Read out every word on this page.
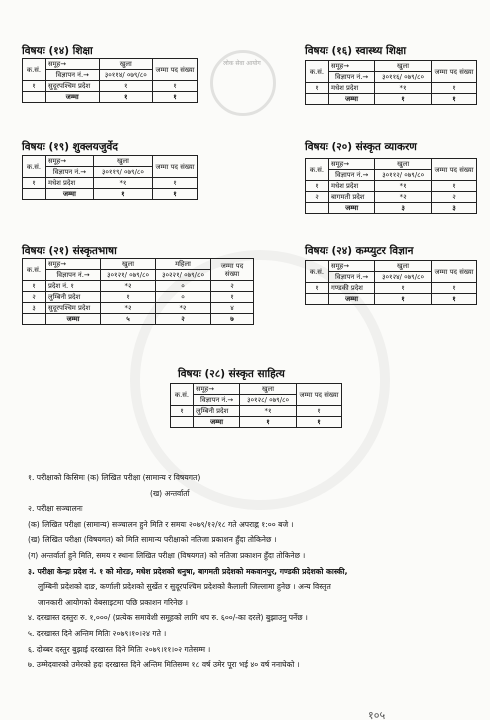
लोक सेवा आयोग
विषयः (१४) शिक्षा
क.सं.	समूह→	खुला	जम्मा पद संख्या
	विज्ञापन नं.→	३०११४/ ०७९/८०	
१	सुदूरपश्चिम प्रदेश	१	१
	जम्मा	१	१
विषयः (१६) स्वास्थ्य शिक्षा
क.सं.	समूह→	खुला	जम्मा पद संख्या
	विज्ञापन नं.→	३०११६/ ०७९/८०	
१	मधेश प्रदेश	*१	१
	जम्मा	१	१
विषयः (१९) शुक्लयजुर्वेद
क.सं.	समूह→	खुला	जम्मा पद संख्या
	विज्ञापन नं.→	३०११९/ ०७९/८०	
१	मधेश प्रदेश	*१	१
	जम्मा	१	१
विषयः (२०) संस्कृत व्याकरण
क.सं.	समूह→	खुला	जम्मा पद संख्या
	विज्ञापन नं.→	३०११२/ ०७९/८०	
१	मधेश प्रदेश	*१	१
२	बागमती प्रदेश	*२	२
	जम्मा	३	३
विषयः (२१) संस्कृतभाषा
क.सं.	समूह→	खुला	महिला	जम्मा पद संख्या
	विज्ञापन नं.→	३०१२१/ ०७९/८०	३०२२१/ ०७९/८०	
१	प्रदेश नं. १	*२	०	२
२	लुम्बिनी प्रदेश	१	०	१
३	सुदूरपश्चिम प्रदेश	*२	*२	४
	जम्मा	५	२	७
विषयः (२४) कम्प्युटर विज्ञान
क.सं.	समूह→	खुला	जम्मा पद संख्या
	विज्ञापन नं.→	३०१२४/ ०७९/८०	
१	गण्डकी प्रदेश	१	१
	जम्मा	१	१
विषयः (२८) संस्कृत साहित्य
क.सं.	समूह→	खुला	जम्मा पद संख्या
	विज्ञापन नं.→	३०१२८/ ०७९/८०	
१	लुम्बिनी प्रदेश	*१	१
	जम्मा	१	१
१. परीक्षाको किसिमः (क) लिखित परीक्षा (सामान्य र विषयगत)
(ख) अन्तर्वार्ता
२. परीक्षा सञ्चालनः
(क) लिखित परीक्षा (सामान्य) सञ्चालन हुने मिति र समयः २०७९/१२/१८ गते अपराह्न १:०० बजे ।
(ख) लिखित परीक्षा (विषयगत) को मिति सामान्य परीक्षाको नतिजा प्रकाशन हुँदा तोकिनेछ ।
(ग) अन्तर्वार्ता हुने मिति, समय र स्थानः लिखित परीक्षा (विषयगत) को नतिजा प्रकाशन हुँदा तोकिनेछ ।
३. परीक्षा केन्द्रः प्रदेश नं. १ को मोरङ, मधेश प्रदेशको धनुषा, बागमती प्रदेशको मकवानपुर, गण्डकी प्रदेशको कास्की,
लुम्बिनी प्रदेशको दाङ, कर्णाली प्रदेशको सुर्खेत र सुदूरपश्चिम प्रदेशको कैलाली जिल्लामा हुनेछ । अन्य विस्तृत
जानकारी आयोगको वेबसाइटमा पछि प्रकाशन गरिनेछ ।
४. दरखास्त दस्तुरः रु. १,०००/ (प्रत्येक समावेशी समूहको लागि थप रु. ६००/-का दरले) बुझाउनु पर्नेछ ।
५. दरखास्त दिने अन्तिम मितिः २०७९।१०।२४ गते ।
६. दोब्बर दस्तुर बुझाई दरखास्त दिने मितिः २०७९।११।०२ गतेसम्म ।
७. उम्मेदवारको उमेरको हदः दरखास्त दिने अन्तिम मितिसम्म १८ वर्ष उमेर पूरा भई ४० वर्ष ननाघेको ।
१०५
